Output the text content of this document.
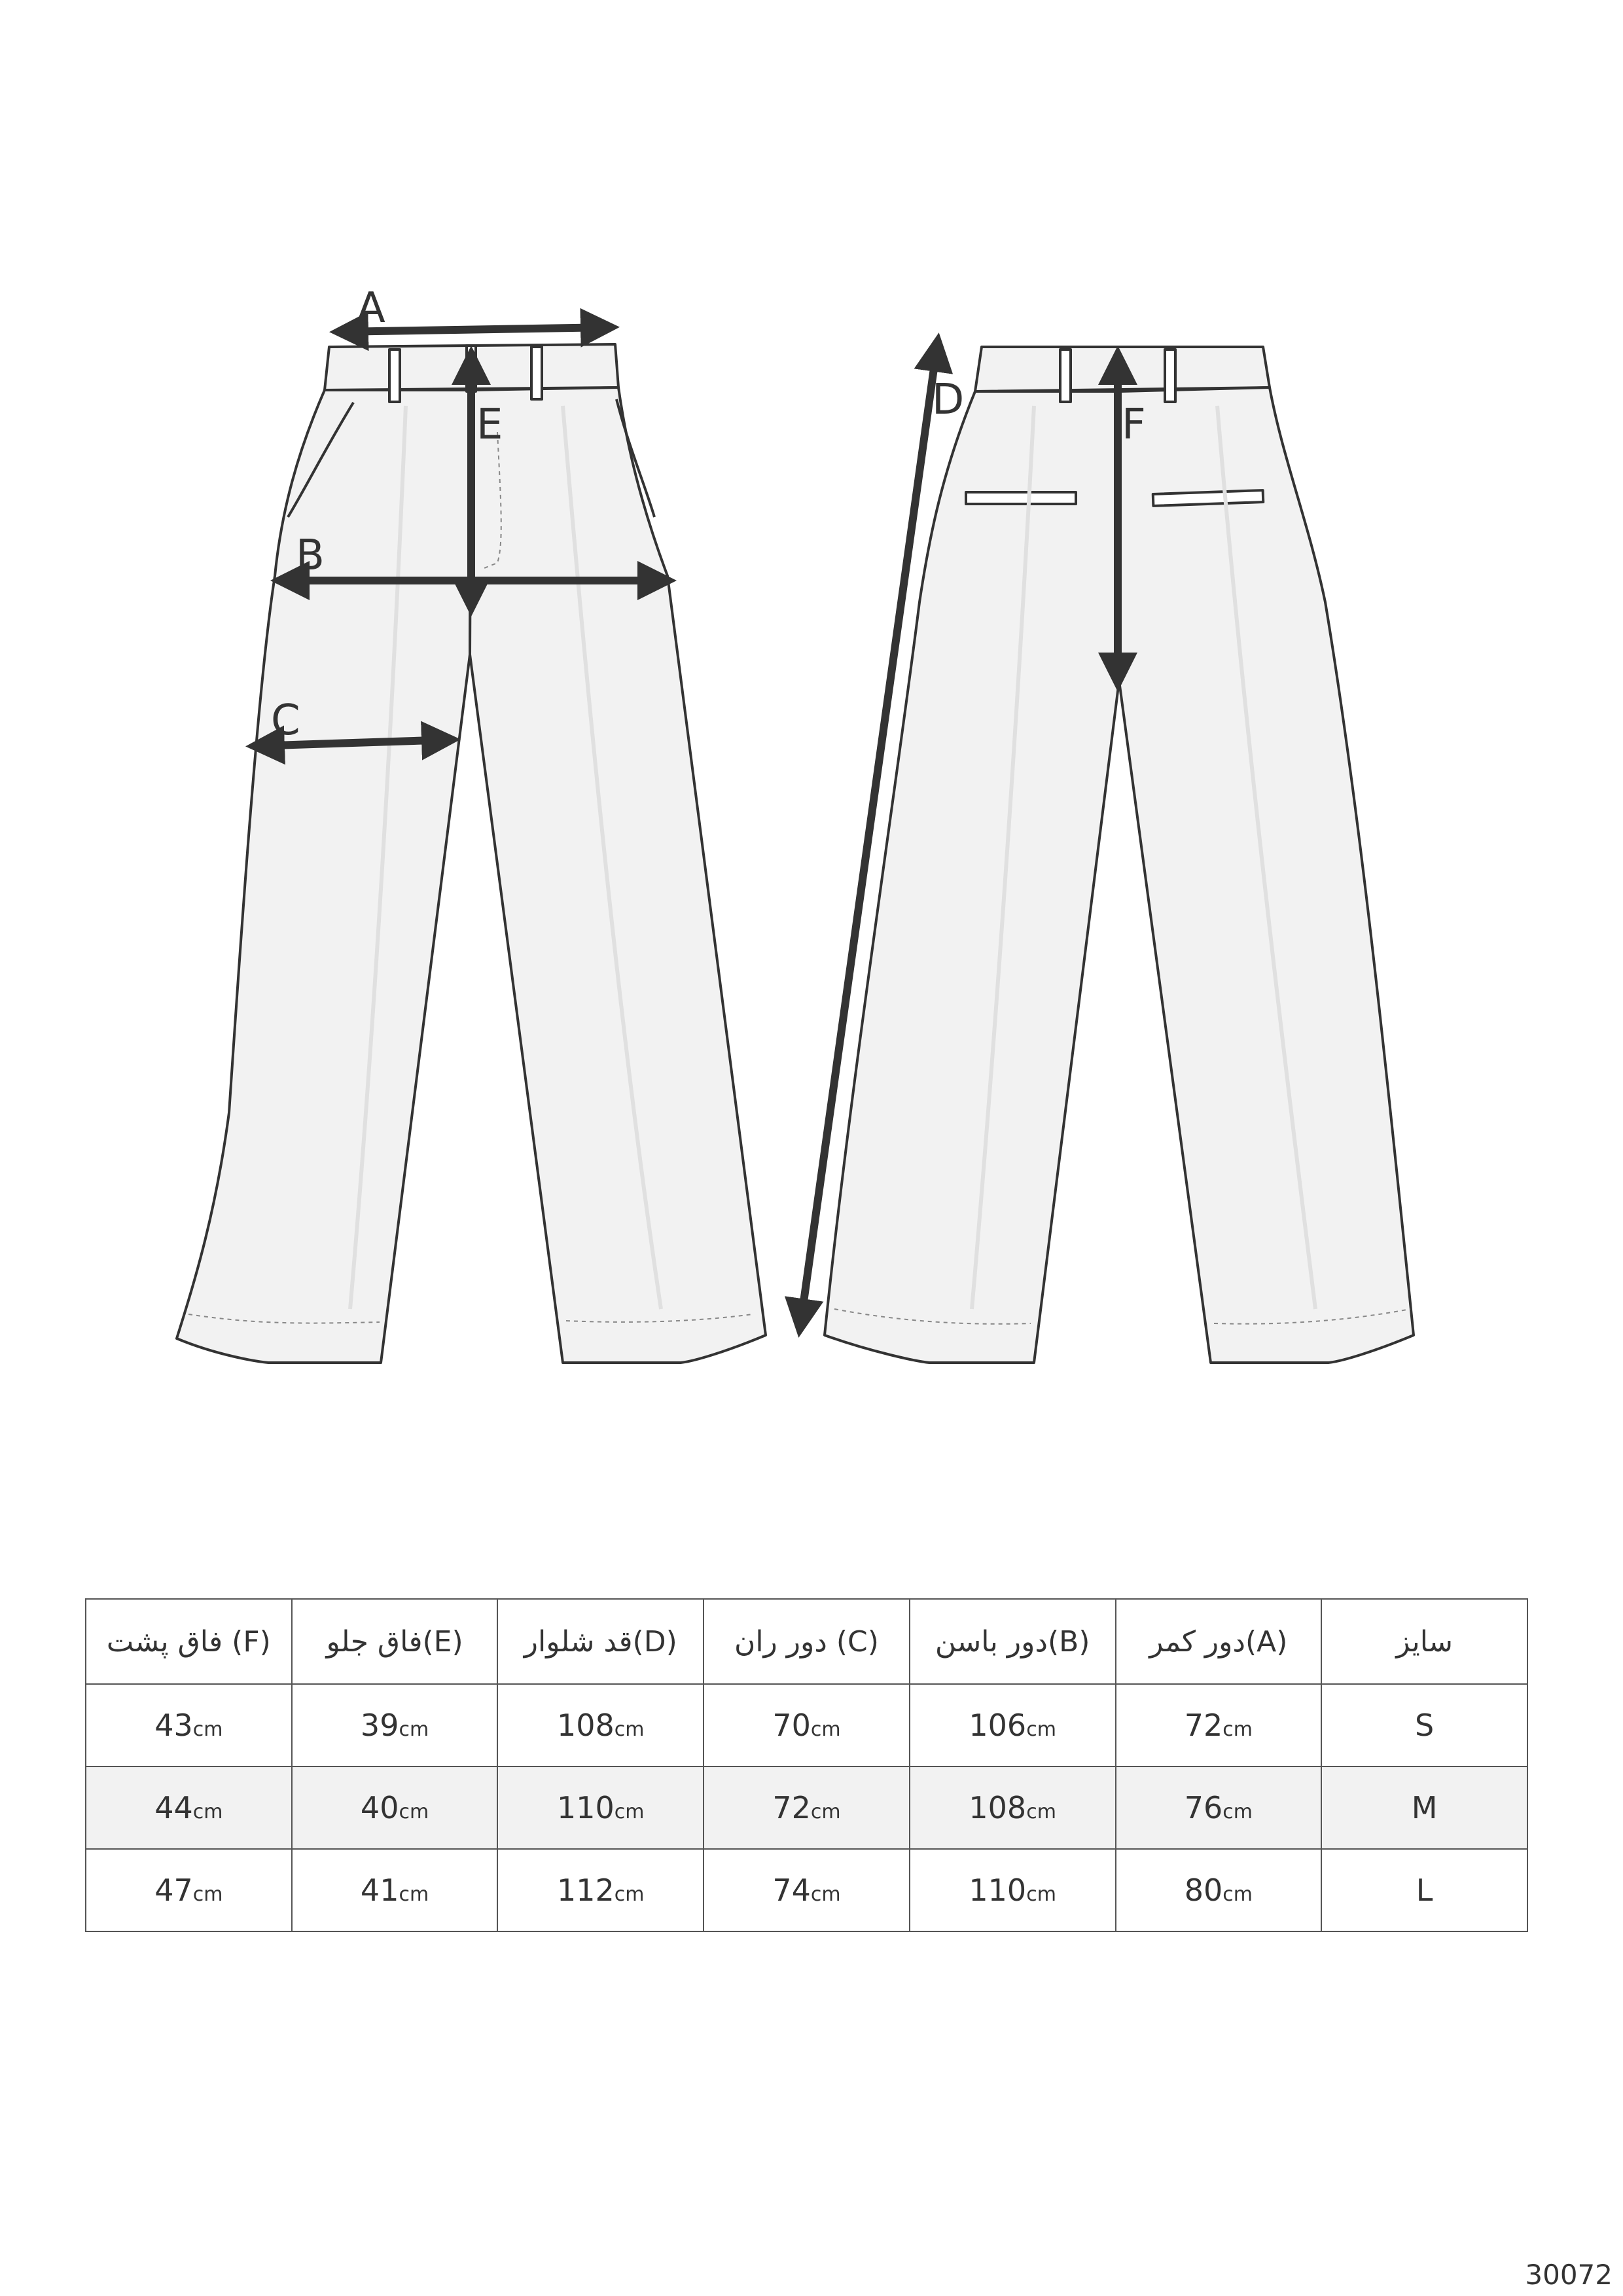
A
B
C
E
D
F
فاق پشت (F)	فاق جلو(E)	قد شلوار(D)	دور ران (C)	دور باسن(B)	دور کمر(A)	سایز
43cm	39cm	108cm	70cm	106cm	72cm	S
44cm	40cm	110cm	72cm	108cm	76cm	M
47cm	41cm	112cm	74cm	110cm	80cm	L
30072
